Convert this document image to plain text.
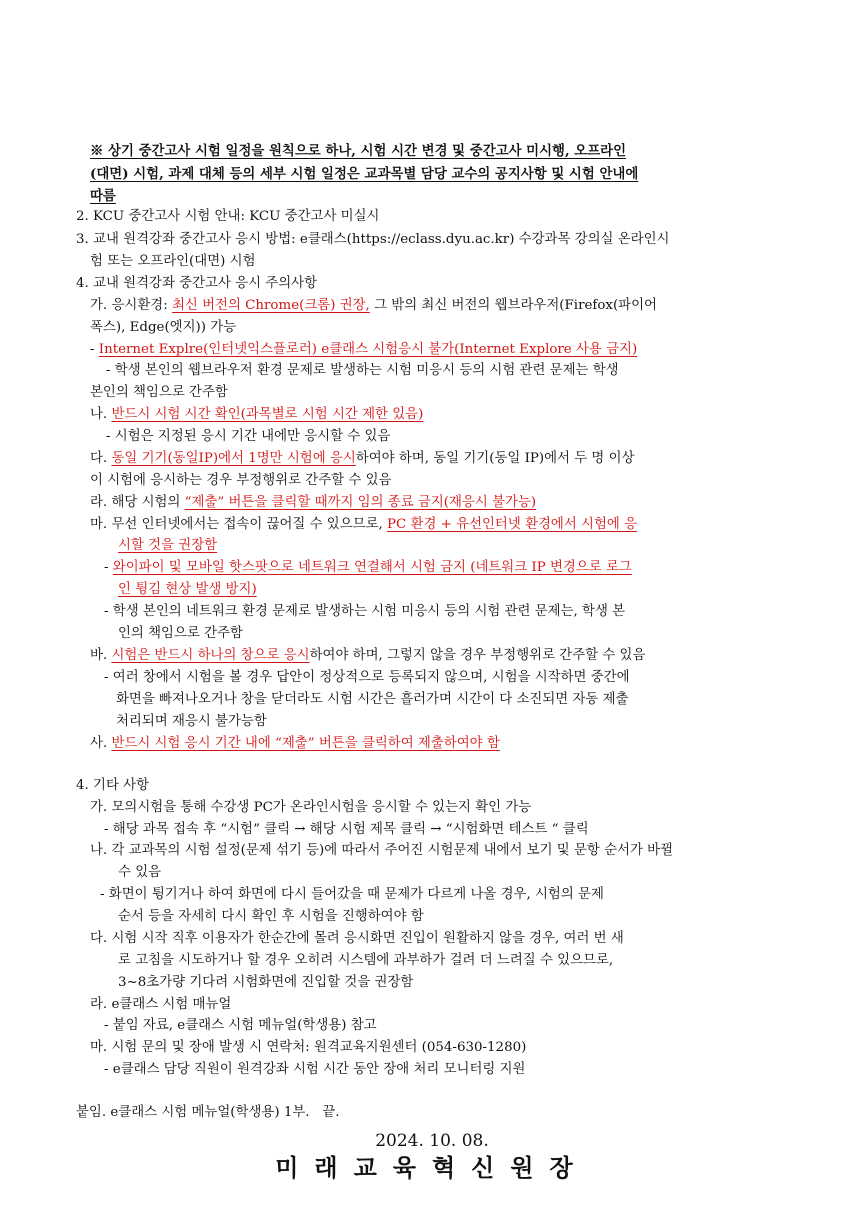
※ 상기 중간고사 시험 일정을 원칙으로 하나, 시험 시간 변경 및 중간고사 미시행, 오프라인
(대면) 시험, 과제 대체 등의 세부 시험 일정은 교과목별 담당 교수의 공지사항 및 시험 안내에
따름
2. KCU 중간고사 시험 안내: KCU 중간고사 미실시
3. 교내 원격강좌 중간고사 응시 방법: e클래스(https://eclass.dyu.ac.kr) 수강과목 강의실 온라인시
험 또는 오프라인(대면) 시험
4. 교내 원격강좌 중간고사 응시 주의사항
가. 응시환경: 최신 버전의 Chrome(크롬) 권장, 그 밖의 최신 버전의 웹브라우저(Firefox(파이어
폭스), Edge(엣지)) 가능
- Internet Explre(인터넷익스플로러) e클래스 시험응시 불가(Internet Explore 사용 금지)
- 학생 본인의 웹브라우저 환경 문제로 발생하는 시험 미응시 등의 시험 관련 문제는 학생
본인의 책임으로 간주함
나. 반드시 시험 시간 확인(과목별로 시험 시간 제한 있음)
- 시험은 지정된 응시 기간 내에만 응시할 수 있음
다. 동일 기기(동일IP)에서 1명만 시험에 응시하여야 하며, 동일 기기(동일 IP)에서 두 명 이상
이 시험에 응시하는 경우 부정행위로 간주할 수 있음
라. 해당 시험의 “제출” 버튼을 클릭할 때까지 임의 종료 금지(재응시 불가능)
마. 무선 인터넷에서는 접속이 끊어질 수 있으므로, PC 환경 + 유선인터넷 환경에서 시험에 응
시할 것을 권장함
- 와이파이 및 모바일 핫스팟으로 네트워크 연결해서 시험 금지 (네트워크 IP 변경으로 로그
인 튕김 현상 발생 방지)
- 학생 본인의 네트워크 환경 문제로 발생하는 시험 미응시 등의 시험 관련 문제는, 학생 본
인의 책임으로 간주함
바. 시험은 반드시 하나의 창으로 응시하여야 하며, 그렇지 않을 경우 부정행위로 간주할 수 있음
- 여러 창에서 시험을 볼 경우 답안이 정상적으로 등록되지 않으며, 시험을 시작하면 중간에
화면을 빠져나오거나 창을 닫더라도 시험 시간은 흘러가며 시간이 다 소진되면 자동 제출
처리되며 재응시 불가능함
사. 반드시 시험 응시 기간 내에 “제출” 버튼을 클릭하여 제출하여야 함
4. 기타 사항
가. 모의시험을 통해 수강생 PC가 온라인시험을 응시할 수 있는지 확인 가능
- 해당 과목 접속 후 “시험” 클릭 → 해당 시험 제목 클릭 → “시험화면 테스트 “ 클릭
나. 각 교과목의 시험 설정(문제 섞기 등)에 따라서 주어진 시험문제 내에서 보기 및 문항 순서가 바뀔
수 있음
- 화면이 튕기거나 하여 화면에 다시 들어갔을 때 문제가 다르게 나올 경우, 시험의 문제
순서 등을 자세히 다시 확인 후 시험을 진행하여야 함
다. 시험 시작 직후 이용자가 한순간에 몰려 응시화면 진입이 원활하지 않을 경우, 여러 번 새
로 고침을 시도하거나 할 경우 오히려 시스템에 과부하가 걸려 더 느려질 수 있으므로,
3~8초가량 기다려 시험화면에 진입할 것을 권장함
라. e클래스 시험 매뉴얼
- 붙임 자료, e클래스 시험 메뉴얼(학생용) 참고
마. 시험 문의 및 장애 발생 시 연락처: 원격교육지원센터 (054-630-1280)
- e클래스 담당 직원이 원격강좌 시험 시간 동안 장애 처리 모니터링 지원
붙임. e클래스 시험 메뉴얼(학생용) 1부.   끝.
2024. 10. 08.
미래교육혁신원장
